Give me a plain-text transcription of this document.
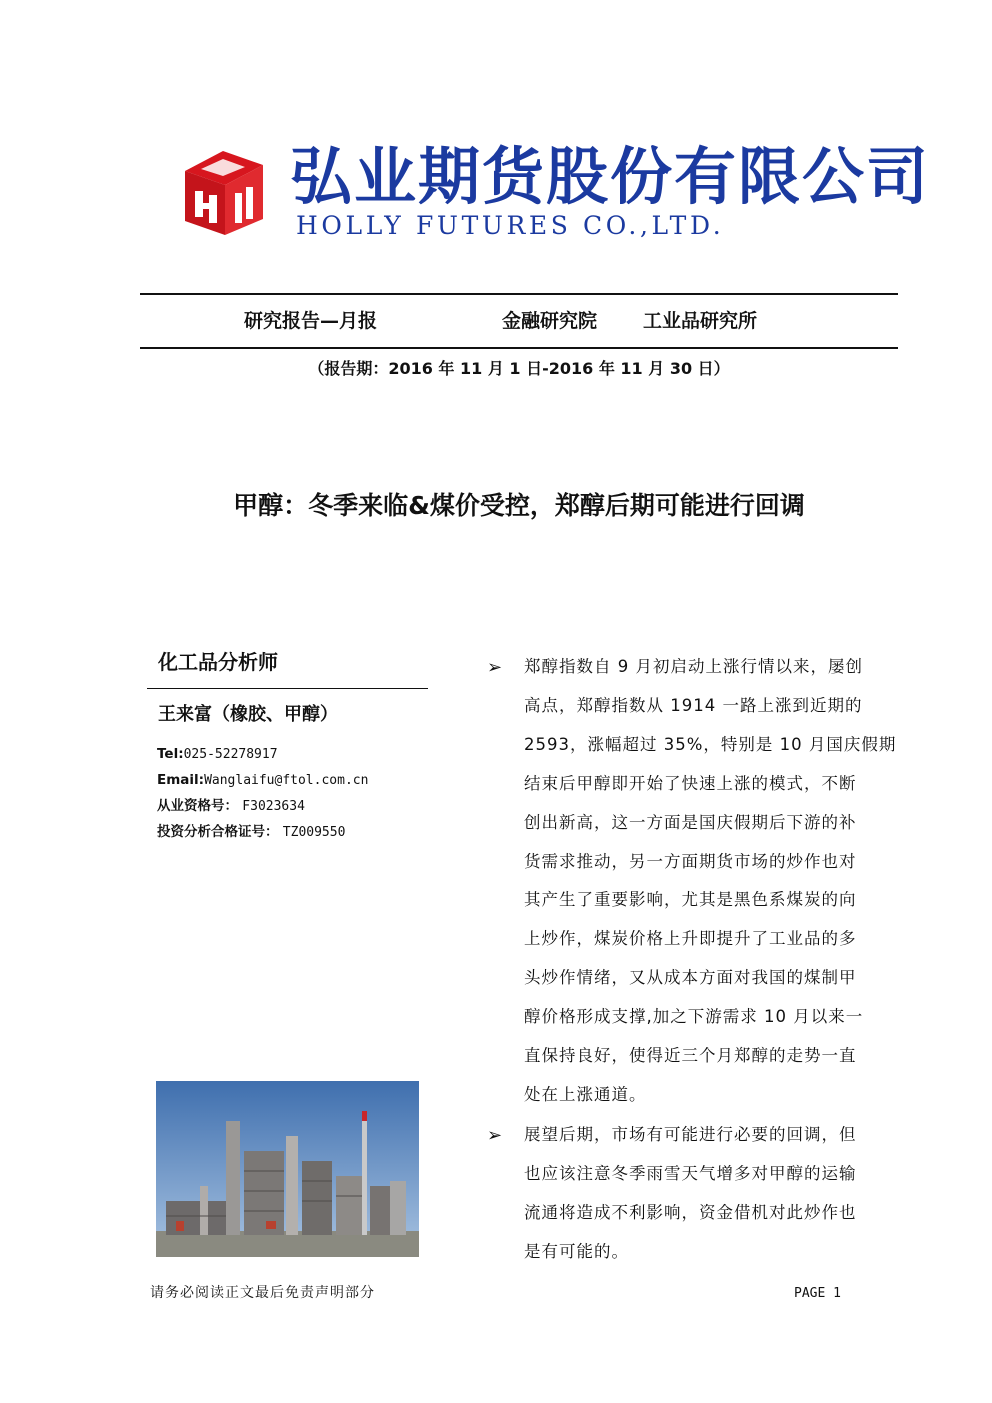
弘业期货股份有限公司
HOLLY FUTURES CO.,LTD.
研究报告—月报	金融研究院 工业品研究所
（报告期：2016 年 11 月 1 日-2016 年 11 月 30 日）
甲醇：冬季来临&煤价受控，郑醇后期可能进行回调
化工品分析师
王来富（橡胶、甲醇）
Tel:025-52278917
Email:Wanglaifu@ftol.com.cn
从业资格号： F3023634
投资分析合格证号： TZ009550
➢ 郑醇指数自 9 月初启动上涨行情以来，屡创
高点，郑醇指数从 1914 一路上涨到近期的
2593，涨幅超过 35%，特别是 10 月国庆假期
结束后甲醇即开始了快速上涨的模式，不断
创出新高，这一方面是国庆假期后下游的补
货需求推动，另一方面期货市场的炒作也对
其产生了重要影响，尤其是黑色系煤炭的向
上炒作，煤炭价格上升即提升了工业品的多
头炒作情绪，又从成本方面对我国的煤制甲
醇价格形成支撑,加之下游需求 10 月以来一
直保持良好，使得近三个月郑醇的走势一直
处在上涨通道。
➢ 展望后期，市场有可能进行必要的回调，但
也应该注意冬季雨雪天气增多对甲醇的运输
流通将造成不利影响，资金借机对此炒作也
是有可能的。
请务必阅读正文最后免责声明部分	PAGE 1
